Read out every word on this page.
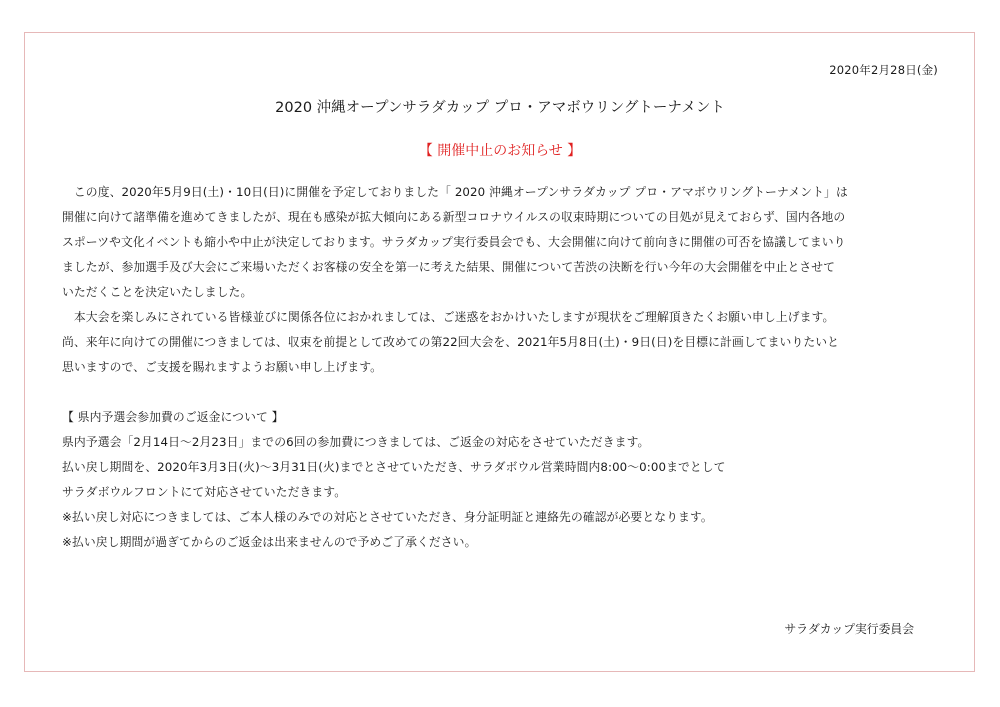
2020年2月28日(金)
2020 沖縄オープンサラダカップ プロ・アマボウリングトーナメント
【 開催中止のお知らせ 】

　この度、2020年5月9日(土)・10日(日)に開催を予定しておりました「 2020 沖縄オープンサラダカップ プロ・アマボウリングトーナメント」は

開催に向けて諸準備を進めてきましたが、現在も感染が拡大傾向にある新型コロナウイルスの収束時期についての目処が見えておらず、国内各地の

スポーツや文化イベントも縮小や中止が決定しております。サラダカップ実行委員会でも、大会開催に向けて前向きに開催の可否を協議してまいり

ましたが、参加選手及び大会にご来場いただくお客様の安全を第一に考えた結果、開催について苦渋の決断を行い今年の大会開催を中止とさせて

いただくことを決定いたしました。

　本大会を楽しみにされている皆様並びに関係各位におかれましては、ご迷惑をおかけいたしますが現状をご理解頂きたくお願い申し上げます。

尚、来年に向けての開催につきましては、収束を前提として改めての第22回大会を、2021年5月8日(土)・9日(日)を目標に計画してまいりたいと

思いますので、ご支援を賜れますようお願い申し上げます。

【 県内予選会参加費のご返金について 】

県内予選会「2月14日～2月23日」までの6回の参加費につきましては、ご返金の対応をさせていただきます。

払い戻し期間を、2020年3月3日(火)～3月31日(火)までとさせていただき、サラダボウル営業時間内8:00～0:00までとして

サラダボウルフロントにて対応させていただきます。

※払い戻し対応につきましては、ご本人様のみでの対応とさせていただき、身分証明証と連絡先の確認が必要となります。

※払い戻し期間が過ぎてからのご返金は出来ませんので予めご了承ください。

サラダカップ実行委員会
